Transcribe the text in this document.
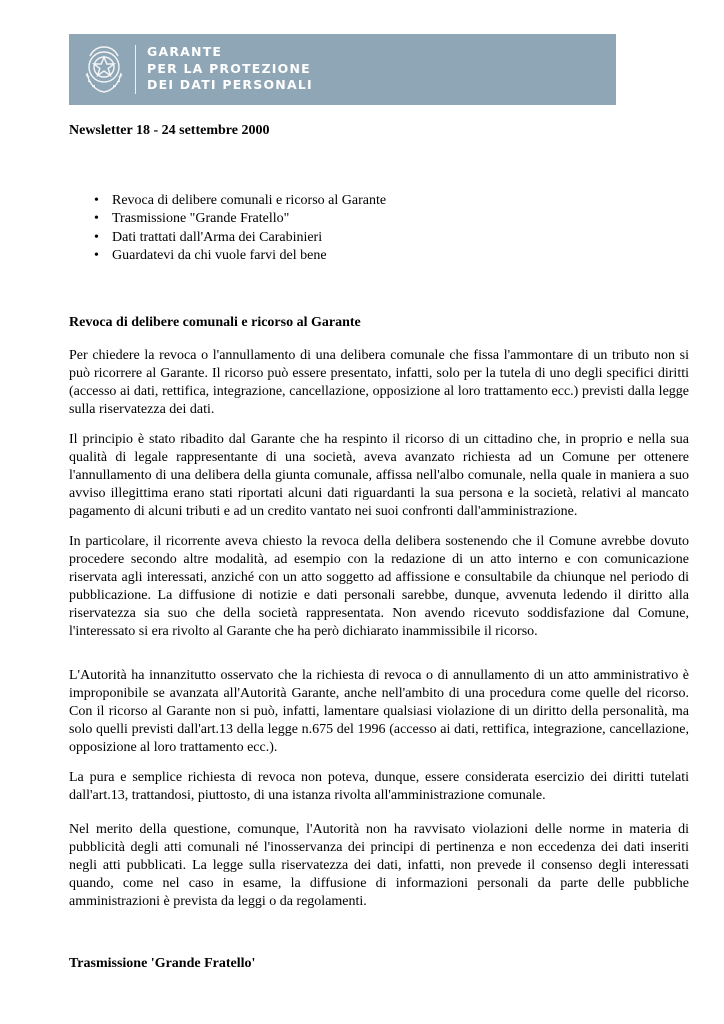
GARANTE
PER LA PROTEZIONE
DEI DATI PERSONALI
Newsletter 18 - 24 settembre 2000
• Revoca di delibere comunali e ricorso al Garante
• Trasmissione "Grande Fratello"
• Dati trattati dall'Arma dei Carabinieri
• Guardatevi da chi vuole farvi del bene
Revoca di delibere comunali e ricorso al Garante

Per chiedere la revoca o l'annullamento di una delibera comunale che fissa l'ammontare di un tributo non si può ricorrere al Garante. Il ricorso può essere presentato, infatti, solo per la tutela di uno degli specifici diritti (accesso ai dati, rettifica, integrazione, cancellazione, opposizione al loro trattamento ecc.) previsti dalla legge sulla riservatezza dei dati.

Il principio è stato ribadito dal Garante che ha respinto il ricorso di un cittadino che, in proprio e nella sua qualità di legale rappresentante di una società, aveva avanzato richiesta ad un Comune per ottenere l'annullamento di una delibera della giunta comunale, affissa nell'albo comunale, nella quale in maniera a suo avviso illegittima erano stati riportati alcuni dati riguardanti la sua persona e la società, relativi al mancato pagamento di alcuni tributi e ad un credito vantato nei suoi confronti dall'amministrazione.

In particolare, il ricorrente aveva chiesto la revoca della delibera sostenendo che il Comune avrebbe dovuto procedere secondo altre modalità, ad esempio con la redazione di un atto interno e con comunicazione riservata agli interessati, anziché con un atto soggetto ad affissione e consultabile da chiunque nel periodo di pubblicazione. La diffusione di notizie e dati personali sarebbe, dunque, avvenuta ledendo il diritto alla riservatezza sia suo che della società rappresentata. Non avendo ricevuto soddisfazione dal Comune, l'interessato si era rivolto al Garante che ha però dichiarato inammissibile il ricorso.

L'Autorità ha innanzitutto osservato che la richiesta di revoca o di annullamento di un atto amministrativo è improponibile se avanzata all'Autorità Garante, anche nell'ambito di una procedura come quelle del ricorso. Con il ricorso al Garante non si può, infatti, lamentare qualsiasi violazione di un diritto della personalità, ma solo quelli previsti dall'art.13 della legge n.675 del 1996 (accesso ai dati, rettifica, integrazione, cancellazione, opposizione al loro trattamento ecc.).

La pura e semplice richiesta di revoca non poteva, dunque, essere considerata esercizio dei diritti tutelati dall'art.13, trattandosi, piuttosto, di una istanza rivolta all'amministrazione comunale.

Nel merito della questione, comunque, l'Autorità non ha ravvisato violazioni delle norme in materia di pubblicità degli atti comunali né l'inosservanza dei principi di pertinenza e non eccedenza dei dati inseriti negli atti pubblicati. La legge sulla riservatezza dei dati, infatti, non prevede il consenso degli interessati quando, come nel caso in esame, la diffusione di informazioni personali da parte delle pubbliche amministrazioni è prevista da leggi o da regolamenti.

Trasmissione 'Grande Fratello'
